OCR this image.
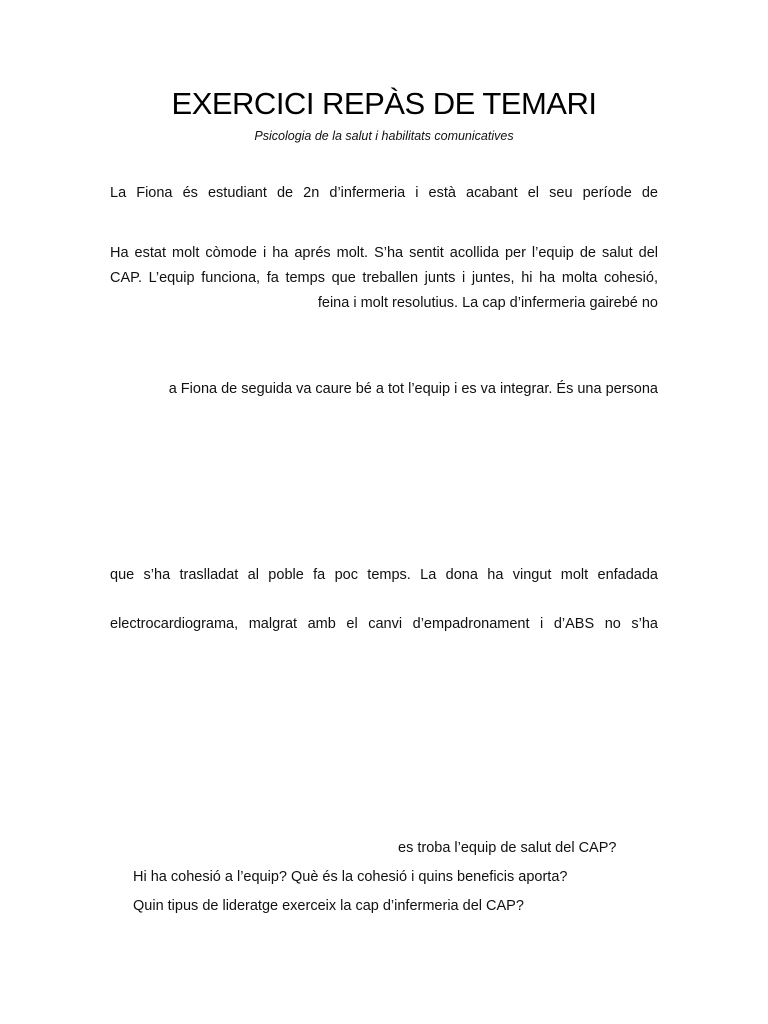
EXERCICI REPÀS DE TEMARI
Psicologia de la salut i habilitats comunicatives
La Fiona és estudiant de 2n d’infermeria i està acabant el seu període de
Ha estat molt còmode i ha aprés molt. S’ha sentit acollida per l’equip de salut del
CAP. L’equip funciona, fa temps que treballen junts i juntes, hi ha molta cohesió,
feina i molt resolutius. La cap d’infermeria gairebé no
a Fiona de seguida va caure bé a tot l’equip i es va integrar. És una persona
que s’ha traslladat al poble fa poc temps. La dona ha vingut molt enfadada
electrocardiograma, malgrat amb el canvi d’empadronament i d’ABS no s’ha
es troba l’equip de salut del CAP?
Hi ha cohesió a l’equip? Què és la cohesió i quins beneficis aporta?
Quin tipus de lideratge exerceix la cap d’infermeria del CAP?
